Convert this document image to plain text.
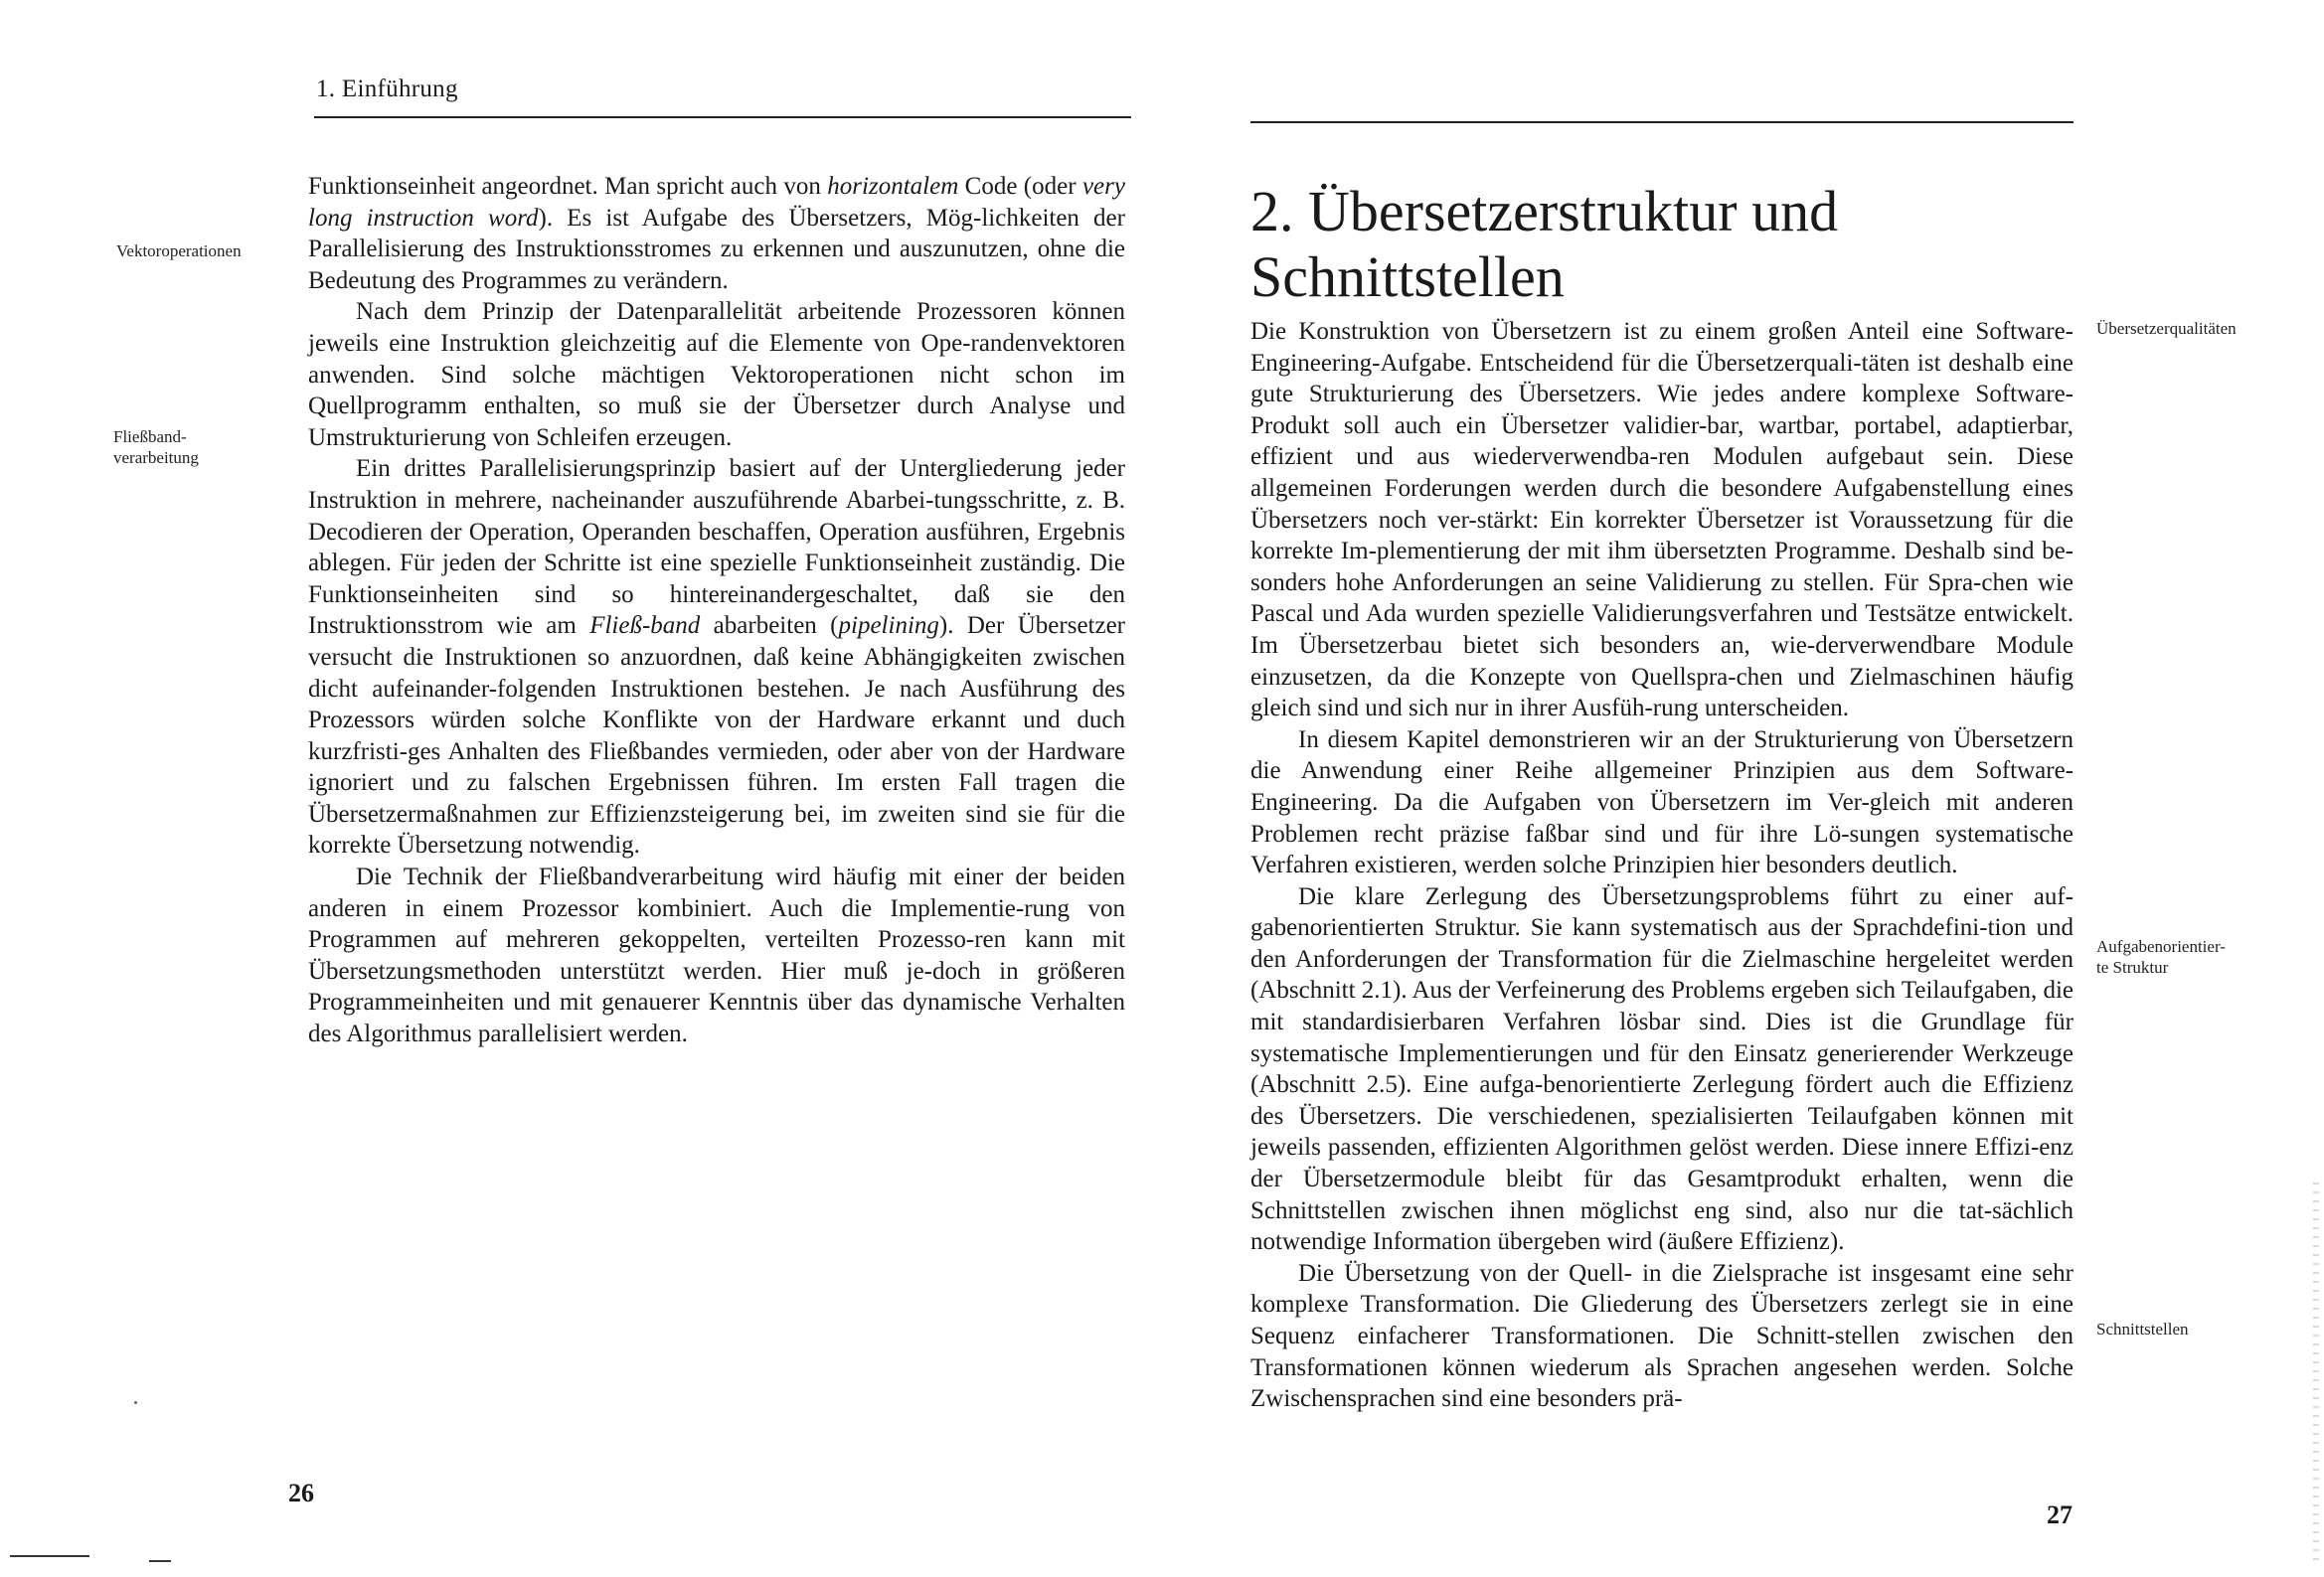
1. Einführung
Vektoroperationen
Fließband-
verarbeitung

Funktionseinheit angeordnet. Man spricht auch von horizontalem Code (oder very long instruction word). Es ist Aufgabe des Übersetzers, Mög-lichkeiten der Parallelisierung des Instruktionsstromes zu erkennen und auszunutzen, ohne die Bedeutung des Programmes zu verändern.

Nach dem Prinzip der Datenparallelität arbeitende Prozessoren können jeweils eine Instruktion gleichzeitig auf die Elemente von Ope-randenvektoren anwenden. Sind solche mächtigen Vektoroperationen nicht schon im Quellprogramm enthalten, so muß sie der Übersetzer durch Analyse und Umstrukturierung von Schleifen erzeugen.

Ein drittes Parallelisierungsprinzip basiert auf der Untergliederung jeder Instruktion in mehrere, nacheinander auszuführende Abarbei-tungsschritte, z. B. Decodieren der Operation, Operanden beschaffen, Operation ausführen, Ergebnis ablegen. Für jeden der Schritte ist eine spezielle Funktionseinheit zuständig. Die Funktionseinheiten sind so hintereinandergeschaltet, daß sie den Instruktionsstrom wie am Fließ-band abarbeiten (pipelining). Der Übersetzer versucht die Instruktionen so anzuordnen, daß keine Abhängigkeiten zwischen dicht aufeinander-folgenden Instruktionen bestehen. Je nach Ausführung des Prozessors würden solche Konflikte von der Hardware erkannt und duch kurzfristi-ges Anhalten des Fließbandes vermieden, oder aber von der Hardware ignoriert und zu falschen Ergebnissen führen. Im ersten Fall tragen die Übersetzermaßnahmen zur Effizienzsteigerung bei, im zweiten sind sie für die korrekte Übersetzung notwendig.

Die Technik der Fließbandverarbeitung wird häufig mit einer der beiden anderen in einem Prozessor kombiniert. Auch die Implementie-rung von Programmen auf mehreren gekoppelten, verteilten Prozesso-ren kann mit Übersetzungsmethoden unterstützt werden. Hier muß je-doch in größeren Programmeinheiten und mit genauerer Kenntnis über das dynamische Verhalten des Algorithmus parallelisiert werden.

26
2. Übersetzerstruktur und Schnittstellen
Übersetzerqualitäten
Aufgabenorientier-
te Struktur
Schnittstellen

Die Konstruktion von Übersetzern ist zu einem großen Anteil eine Software-Engineering-Aufgabe. Entscheidend für die Übersetzerquali-täten ist deshalb eine gute Strukturierung des Übersetzers. Wie jedes andere komplexe Software-Produkt soll auch ein Übersetzer validier-bar, wartbar, portabel, adaptierbar, effizient und aus wiederverwendba-ren Modulen aufgebaut sein. Diese allgemeinen Forderungen werden durch die besondere Aufgabenstellung eines Übersetzers noch ver-stärkt: Ein korrekter Übersetzer ist Voraussetzung für die korrekte Im-plementierung der mit ihm übersetzten Programme. Deshalb sind be-sonders hohe Anforderungen an seine Validierung zu stellen. Für Spra-chen wie Pascal und Ada wurden spezielle Validierungsverfahren und Testsätze entwickelt. Im Übersetzerbau bietet sich besonders an, wie-derverwendbare Module einzusetzen, da die Konzepte von Quellspra-chen und Zielmaschinen häufig gleich sind und sich nur in ihrer Ausfüh-rung unterscheiden.

In diesem Kapitel demonstrieren wir an der Strukturierung von Übersetzern die Anwendung einer Reihe allgemeiner Prinzipien aus dem Software-Engineering. Da die Aufgaben von Übersetzern im Ver-gleich mit anderen Problemen recht präzise faßbar sind und für ihre Lö-sungen systematische Verfahren existieren, werden solche Prinzipien hier besonders deutlich.

Die klare Zerlegung des Übersetzungsproblems führt zu einer auf-gabenorientierten Struktur. Sie kann systematisch aus der Sprachdefini-tion und den Anforderungen der Transformation für die Zielmaschine hergeleitet werden (Abschnitt 2.1). Aus der Verfeinerung des Problems ergeben sich Teilaufgaben, die mit standardisierbaren Verfahren lösbar sind. Dies ist die Grundlage für systematische Implementierungen und für den Einsatz generierender Werkzeuge (Abschnitt 2.5). Eine aufga-benorientierte Zerlegung fördert auch die Effizienz des Übersetzers. Die verschiedenen, spezialisierten Teilaufgaben können mit jeweils passenden, effizienten Algorithmen gelöst werden. Diese innere Effizi-enz der Übersetzermodule bleibt für das Gesamtprodukt erhalten, wenn die Schnittstellen zwischen ihnen möglichst eng sind, also nur die tat-sächlich notwendige Information übergeben wird (äußere Effizienz).

Die Übersetzung von der Quell- in die Zielsprache ist insgesamt eine sehr komplexe Transformation. Die Gliederung des Übersetzers zerlegt sie in eine Sequenz einfacherer Transformationen. Die Schnitt-stellen zwischen den Transformationen können wiederum als Sprachen angesehen werden. Solche Zwischensprachen sind eine besonders prä-

27
